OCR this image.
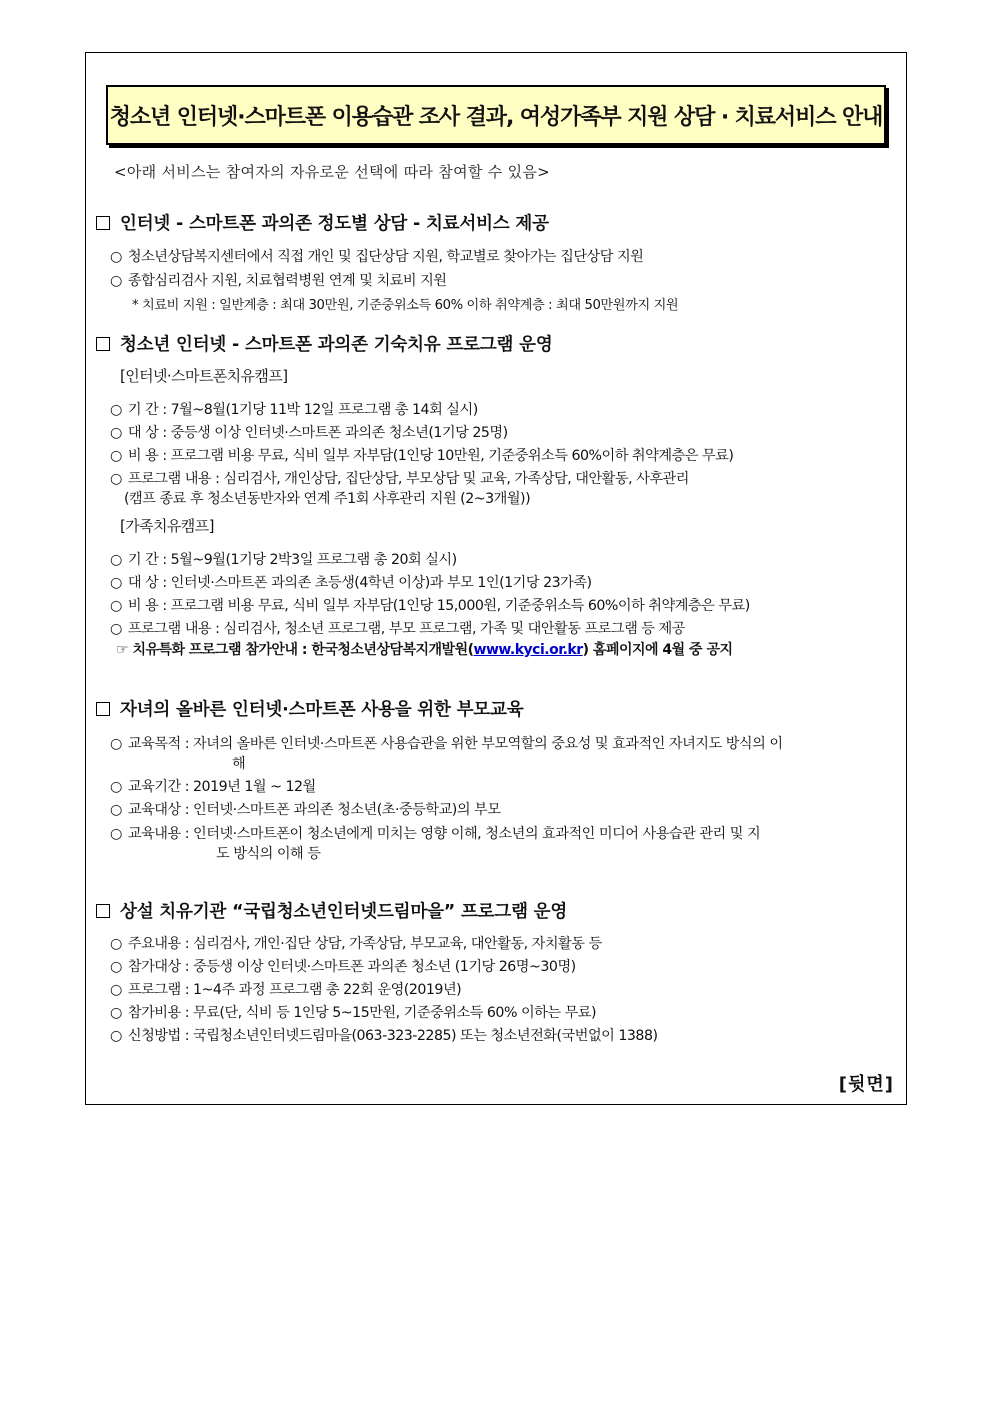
청소년 인터넷·스마트폰 이용습관 조사 결과, 여성가족부 지원 상담 · 치료서비스 안내
<아래 서비스는 참여자의 자유로운 선택에 따라 참여할 수 있음>
인터넷 - 스마트폰 과의존 정도별 상담 - 치료서비스 제공
○ 청소년상담복지센터에서 직접 개인 및 집단상담 지원, 학교별로 찾아가는 집단상담 지원
○ 종합심리검사 지원, 치료협력병원 연계 및 치료비 지원
* 치료비 지원 : 일반계층 : 최대 30만원, 기준중위소득 60% 이하 취약계층 : 최대 50만원까지 지원
청소년 인터넷 - 스마트폰 과의존 기숙치유 프로그램 운영
[인터넷·스마트폰치유캠프]
○ 기 간 : 7월~8월(1기당 11박 12일 프로그램 총 14회 실시)
○ 대 상 : 중등생 이상 인터넷·스마트폰 과의존 청소년(1기당 25명)
○ 비 용 : 프로그램 비용 무료, 식비 일부 자부담(1인당 10만원, 기준중위소득 60%이하 취약계층은 무료)
○ 프로그램 내용 : 심리검사, 개인상담, 집단상담, 부모상담 및 교육, 가족상담, 대안활동, 사후관리
(캠프 종료 후 청소년동반자와 연계 주1회 사후관리 지원 (2~3개월))
[가족치유캠프]
○ 기 간 : 5월~9월(1기당 2박3일 프로그램 총 20회 실시)
○ 대 상 : 인터넷·스마트폰 과의존 초등생(4학년 이상)과 부모 1인(1기당 23가족)
○ 비 용 : 프로그램 비용 무료, 식비 일부 자부담(1인당 15,000원, 기준중위소득 60%이하 취약계층은 무료)
○ 프로그램 내용 : 심리검사, 청소년 프로그램, 부모 프로그램, 가족 및 대안활동 프로그램 등 제공
☞ 치유특화 프로그램 참가안내 : 한국청소년상담복지개발원(www.kyci.or.kr) 홈페이지에 4월 중 공지
자녀의 올바른 인터넷·스마트폰 사용을 위한 부모교육
○ 교육목적 : 자녀의 올바른 인터넷·스마트폰 사용습관을 위한 부모역할의 중요성 및 효과적인 자녀지도 방식의 이
해
○ 교육기간 : 2019년 1월 ~ 12월
○ 교육대상 : 인터넷·스마트폰 과의존 청소년(초·중등학교)의 부모
○ 교육내용 : 인터넷·스마트폰이 청소년에게 미치는 영향 이해, 청소년의 효과적인 미디어 사용습관 관리 및 지
도 방식의 이해 등
상설 치유기관 “국립청소년인터넷드림마을” 프로그램 운영
○ 주요내용 : 심리검사, 개인·집단 상담, 가족상담, 부모교육, 대안활동, 자치활동 등
○ 참가대상 : 중등생 이상 인터넷·스마트폰 과의존 청소년 (1기당 26명~30명)
○ 프로그램 : 1~4주 과정 프로그램 총 22회 운영(2019년)
○ 참가비용 : 무료(단, 식비 등 1인당 5~15만원, 기준중위소득 60% 이하는 무료)
○ 신청방법 : 국립청소년인터넷드림마을(063-323-2285) 또는 청소년전화(국번없이 1388)
[뒷면]
